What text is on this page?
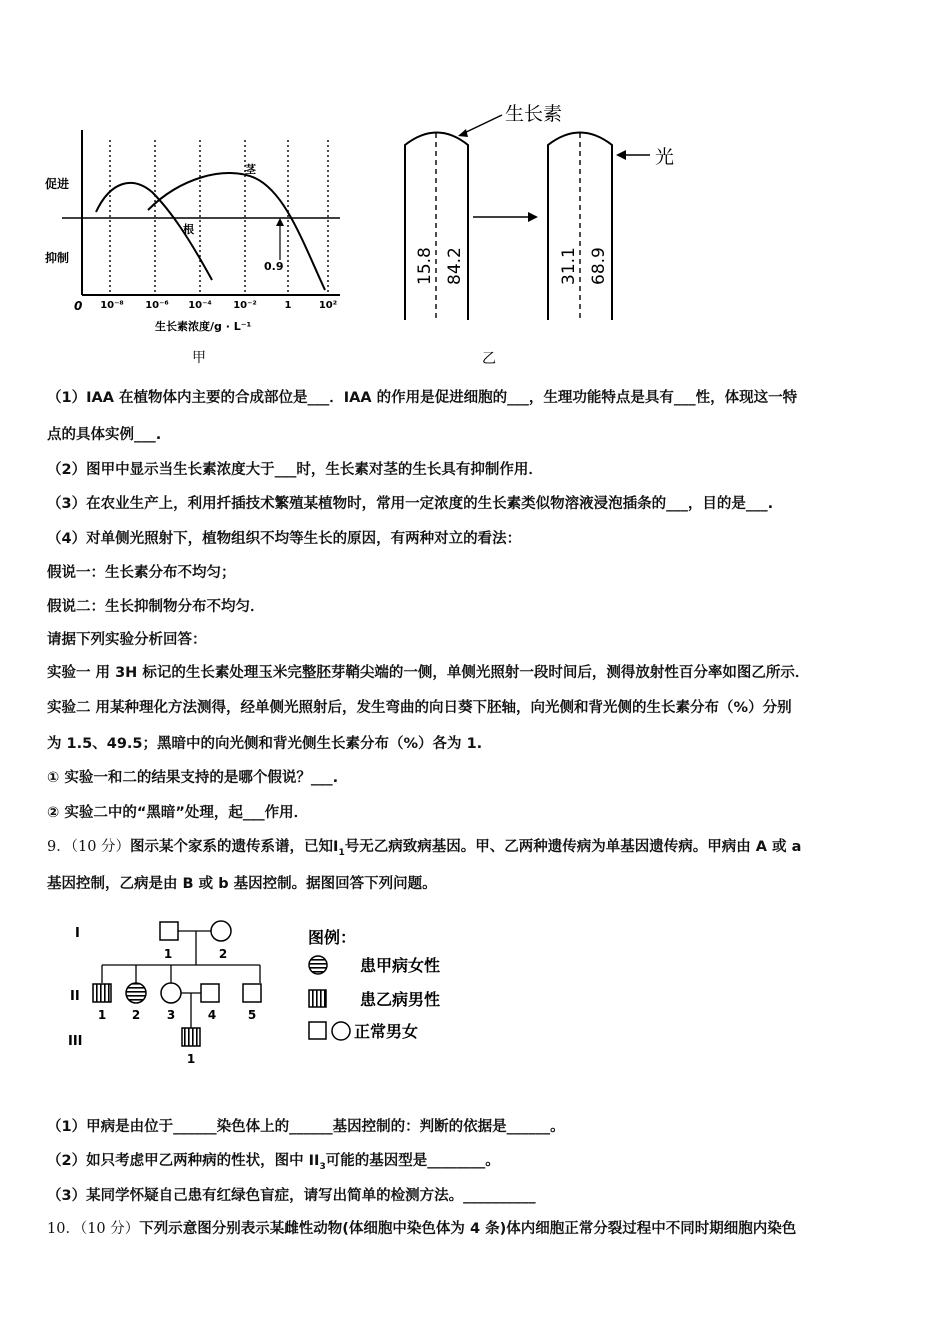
促进
抑制
0 10⁻⁸ 10⁻⁶ 10⁻⁴ 10⁻²	1	10²
生长素浓度/g · L⁻¹
茎
根
0.9
甲
生长素
光
15.8 84.2	31.1 68.9
乙
（1）IAA 在植物体内主要的合成部位是___．IAA 的作用是促进细胞的___，生理功能特点是具有___性，体现这一特
点的具体实例___.
（2）图甲中显示当生长素浓度大于___时，生长素对茎的生长具有抑制作用．
（3）在农业生产上，利用扦插技术繁殖某植物时，常用一定浓度的生长素类似物溶液浸泡插条的___，目的是___.
（4）对单侧光照射下，植物组织不均等生长的原因，有两种对立的看法：
假说一：生长素分布不均匀；
假说二：生长抑制物分布不均匀．
请据下列实验分析回答：
实验一 用 3H 标记的生长素处理玉米完整胚芽鞘尖端的一侧，单侧光照射一段时间后，测得放射性百分率如图乙所示．
实验二 用某种理化方法测得，经单侧光照射后，发生弯曲的向日葵下胚轴，向光侧和背光侧的生长素分布（%）分别
为 1.5、49.5；黑暗中的向光侧和背光侧生长素分布（%）各为 1.
① 实验一和二的结果支持的是哪个假说？___.
② 实验二中的“黑暗”处理，起___作用．
9．（10 分）图示某个家系的遗传系谱，已知$Ⅰ_1$号无乙病致病基因。甲、乙两种遗传病为单基因遗传病。甲病由 A 或 a
基因控制，乙病是由 B 或 b 基因控制。据图回答下列问题。
I
II
III
1	2
1 2 3	4	5
1
图例：
患甲病女性
患乙病男性
正常男女
（1）甲病是由位于______染色体上的______基因控制的：判断的依据是______。
（2）如只考虑甲乙两种病的性状，图中 $II_3$可能的基因型是________。
（3）某同学怀疑自己患有红绿色盲症，请写出简单的检测方法。__________
10．（10 分）下列示意图分别表示某雌性动物(体细胞中染色体为 4 条)体内细胞正常分裂过程中不同时期细胞内染色
